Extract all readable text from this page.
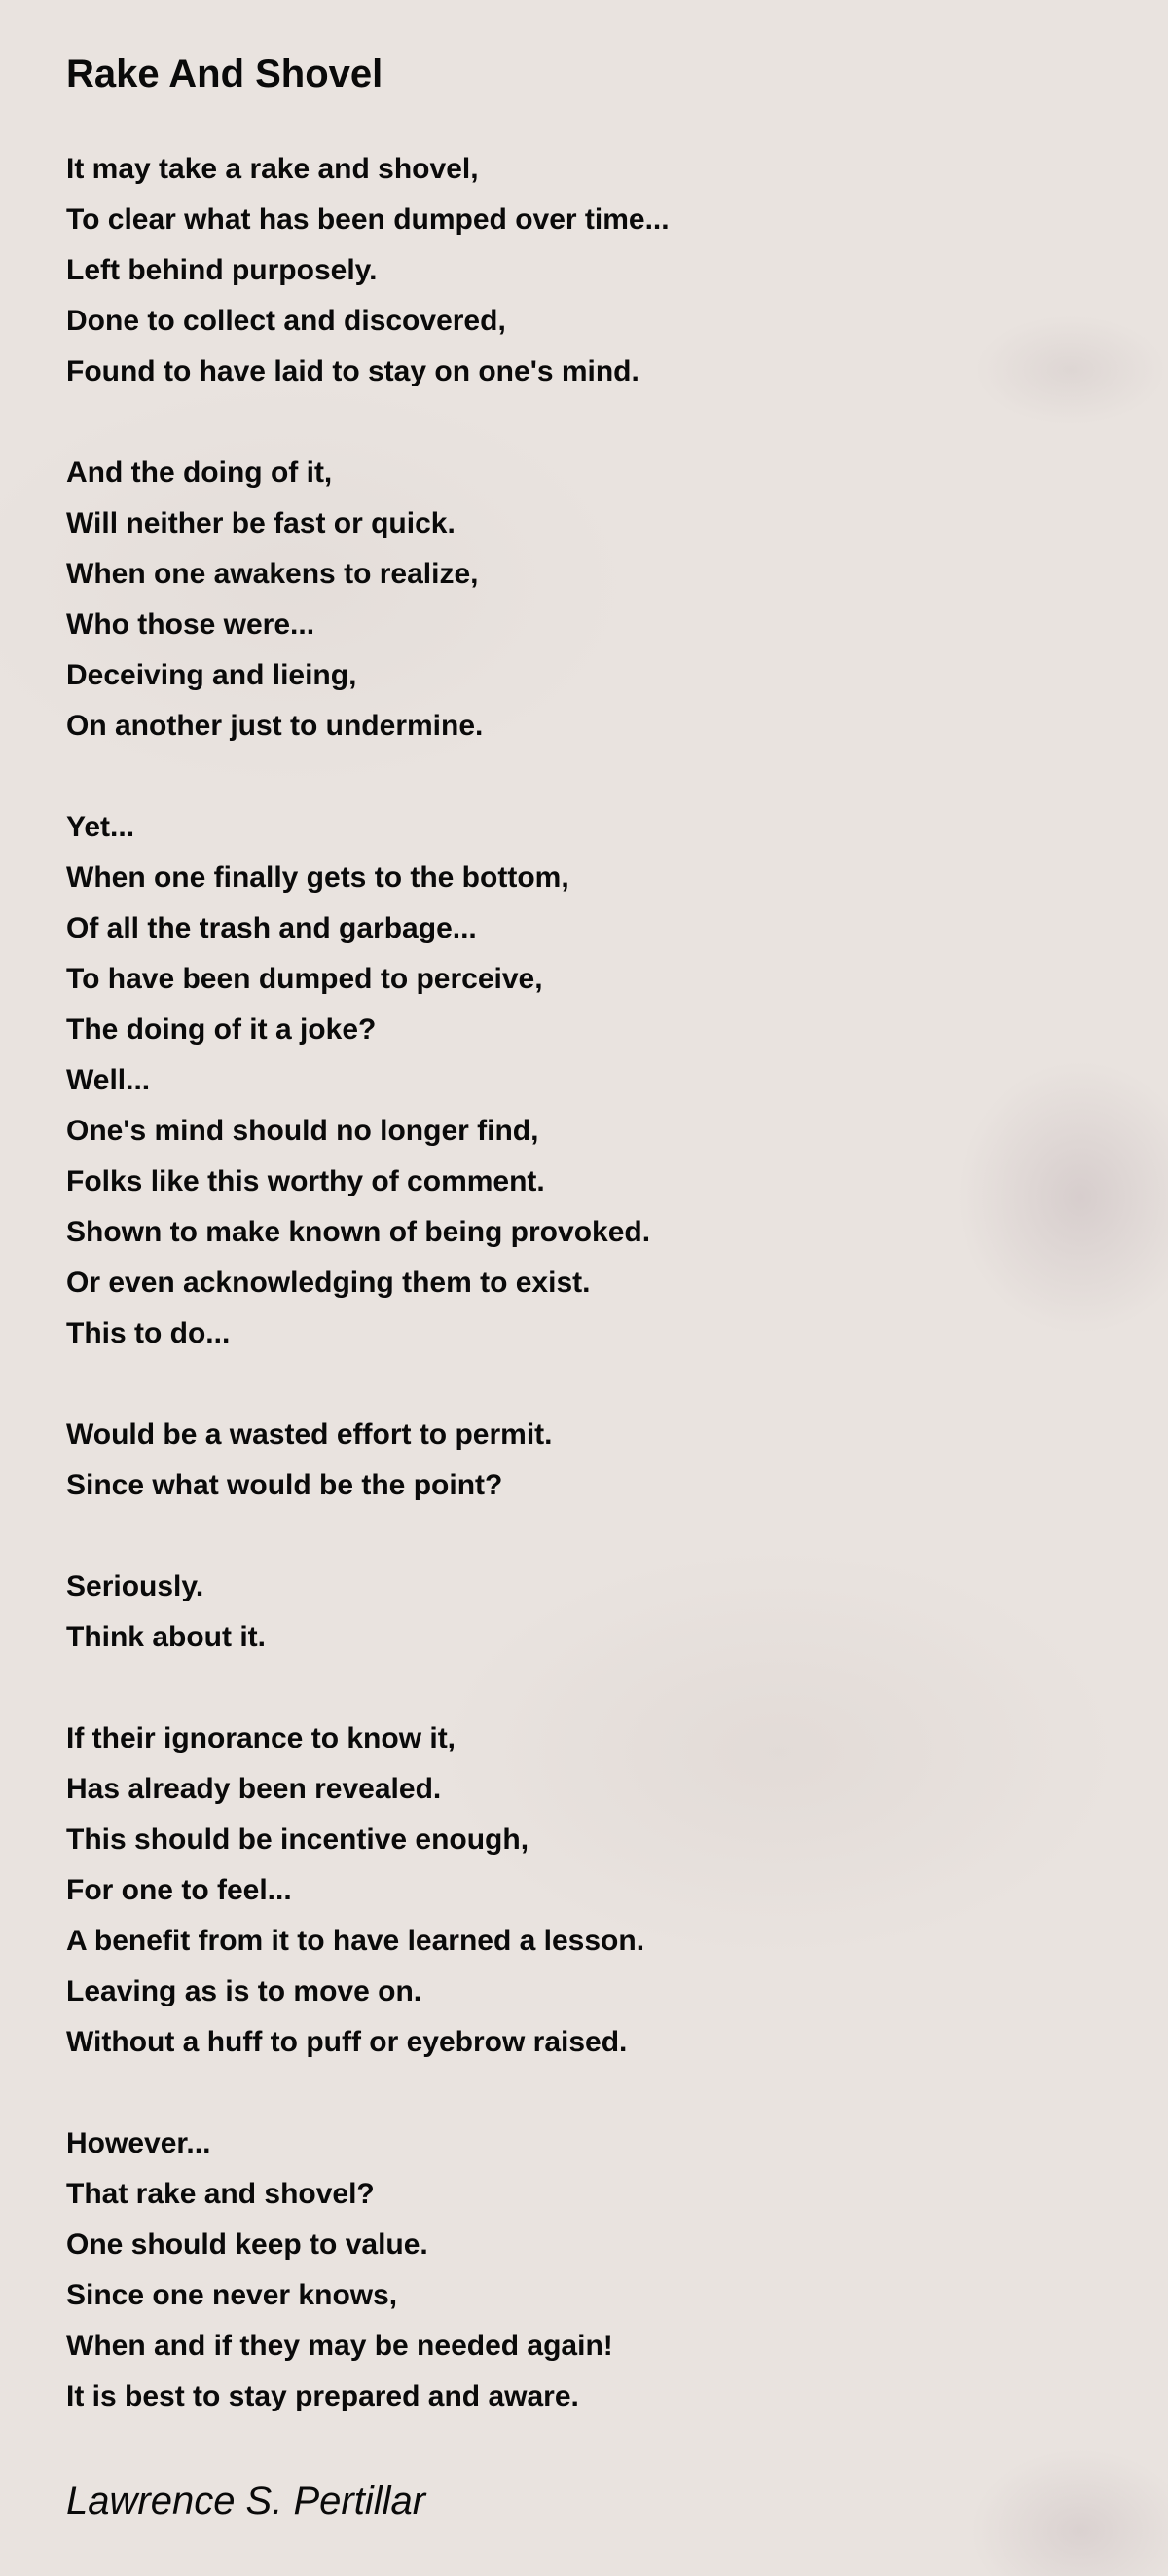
Rake And Shovel
It may take a rake and shovel,
To clear what has been dumped over time...
Left behind purposely.
Done to collect and discovered,
Found to have laid to stay on one's mind.
And the doing of it,
Will neither be fast or quick.
When one awakens to realize,
Who those were...
Deceiving and lieing,
On another just to undermine.
Yet...
When one finally gets to the bottom,
Of all the trash and garbage...
To have been dumped to perceive,
The doing of it a joke?
Well...
One's mind should no longer find,
Folks like this worthy of comment.
Shown to make known of being provoked.
Or even acknowledging them to exist.
This to do...
Would be a wasted effort to permit.
Since what would be the point?
Seriously.
Think about it.
If their ignorance to know it,
Has already been revealed.
This should be incentive enough,
For one to feel...
A benefit from it to have learned a lesson.
Leaving as is to move on.
Without a huff to puff or eyebrow raised.
However...
That rake and shovel?
One should keep to value.
Since one never knows,
When and if they may be needed again!
It is best to stay prepared and aware.
Lawrence S. Pertillar
